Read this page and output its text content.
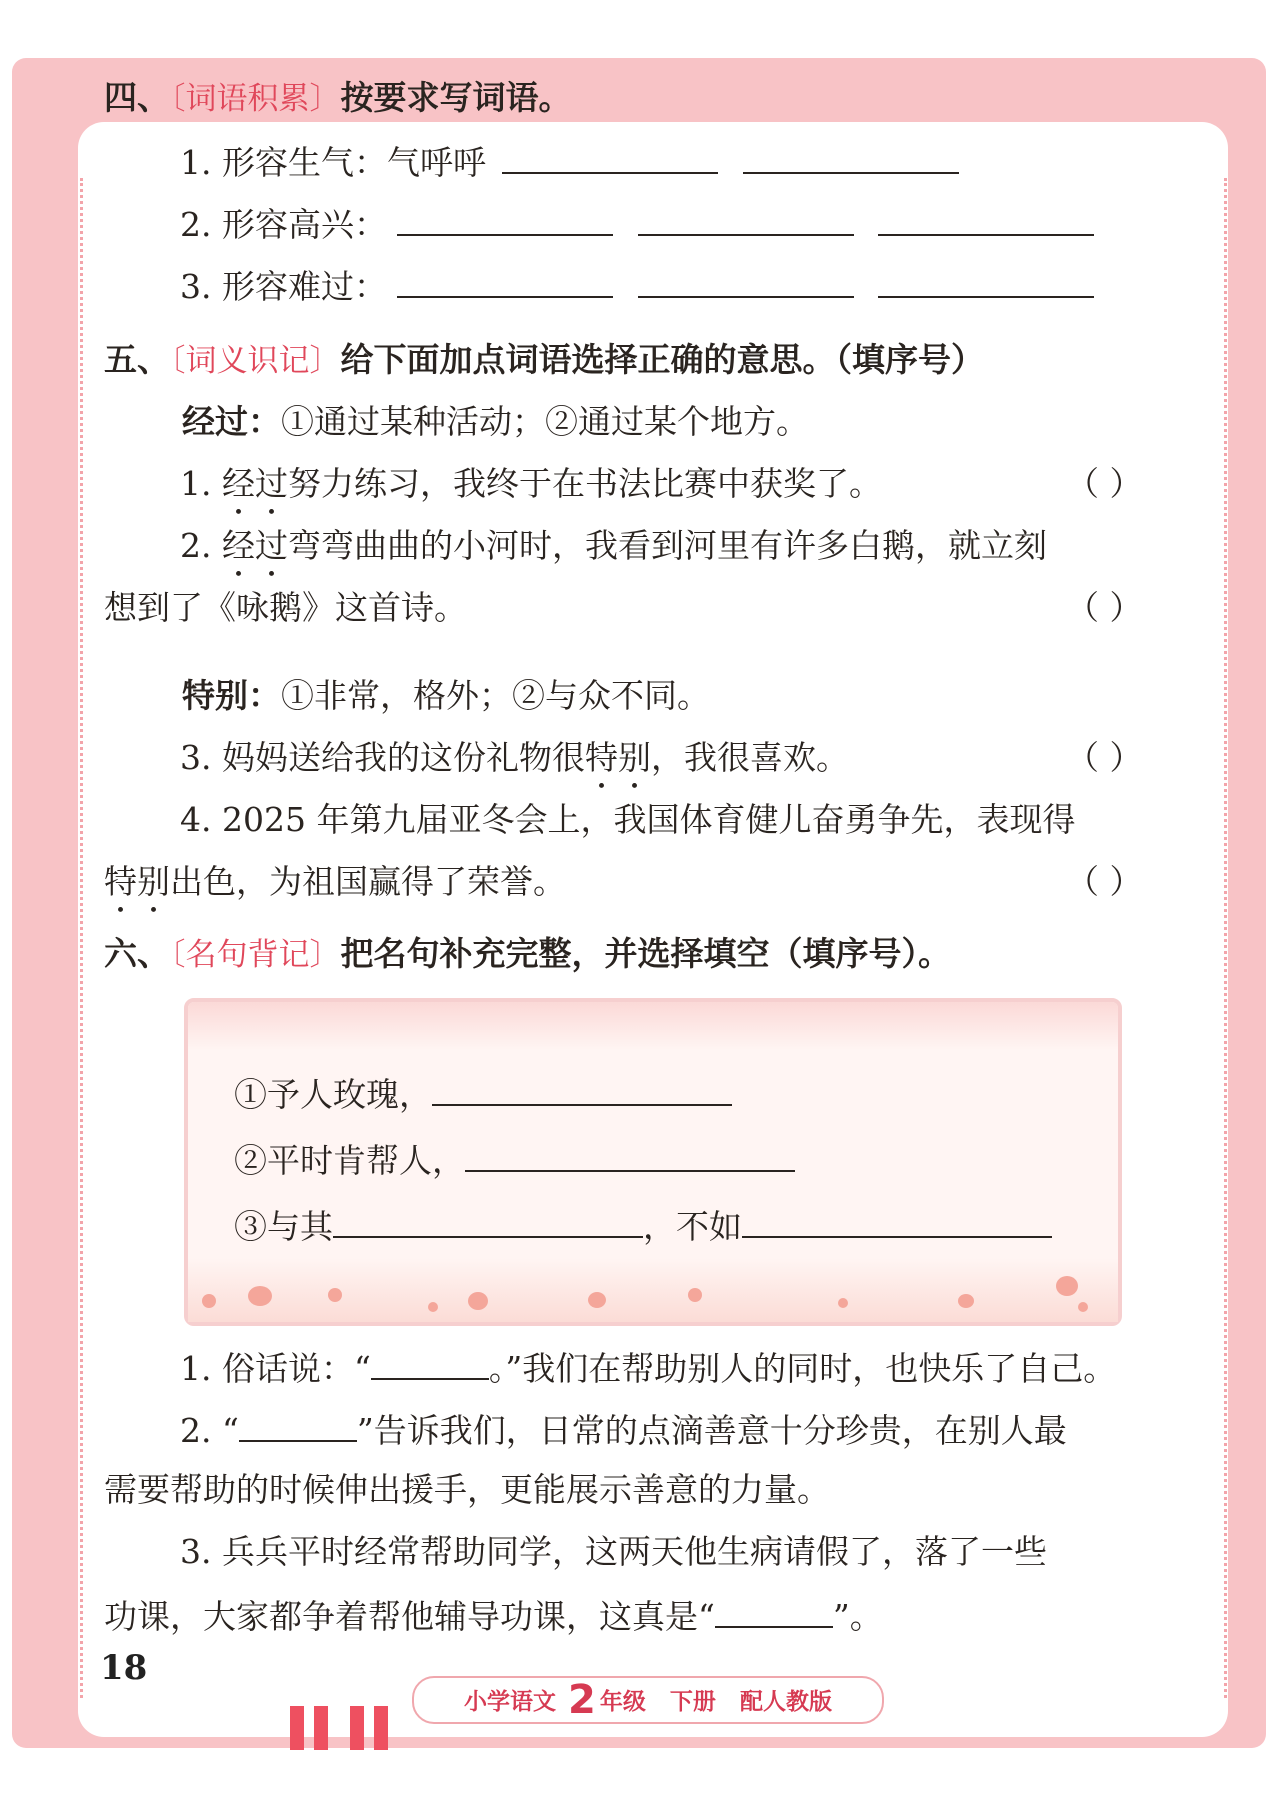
四、〔词语积累〕按要求写词语。
1. 形容生气：气呼呼
2. 形容高兴：
3. 形容难过：
五、〔词义识记〕给下面加点词语选择正确的意思。（填序号）
经过：①通过某种活动；②通过某个地方。
1. 经过努力练习，我终于在书法比赛中获奖了。	（ ）
2. 经过弯弯曲曲的小河时，我看到河里有许多白鹅，就立刻
想到了《咏鹅》这首诗。	（ ）
特别：①非常，格外；②与众不同。
3. 妈妈送给我的这份礼物很特别，我很喜欢。	（ ）
4. 2025 年第九届亚冬会上，我国体育健儿奋勇争先，表现得
特别出色，为祖国赢得了荣誉。	（ ）
六、〔名句背记〕把名句补充完整，并选择填空（填序号）。
①予人玫瑰，
②平时肯帮人，
③与其	，不如
1. 俗话说：“	。”我们在帮助别人的同时，也快乐了自己。
2. “	”告诉我们，日常的点滴善意十分珍贵，在别人最
需要帮助的时候伸出援手，更能展示善意的力量。
3. 兵兵平时经常帮助同学，这两天他生病请假了，落了一些
功课，大家都争着帮他辅导功课，这真是“	”。
18
小学语文 2 年级 下册 配人教版
